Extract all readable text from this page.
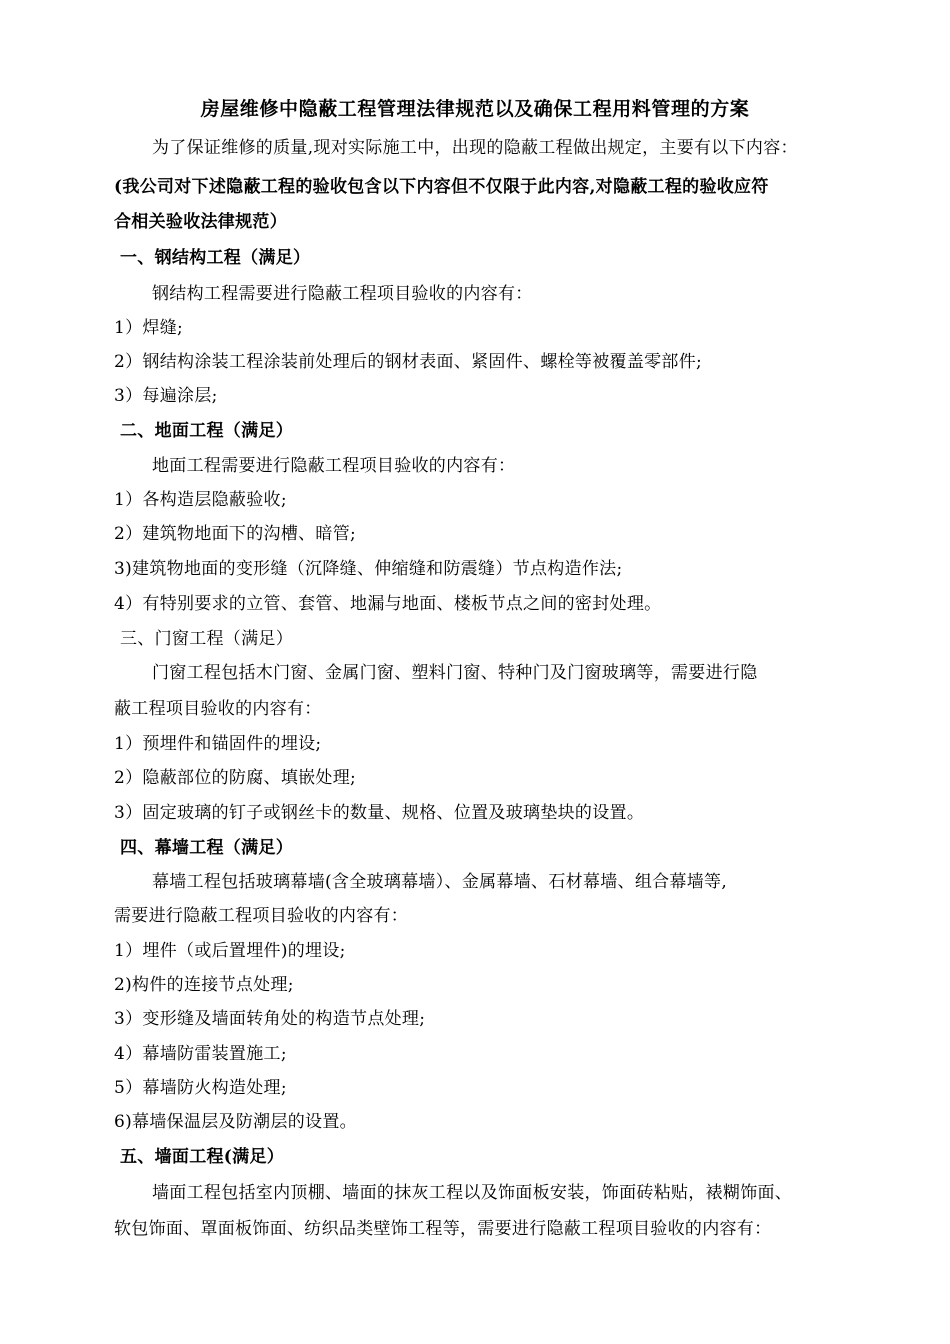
房屋维修中隐蔽工程管理法律规范以及确保工程用料管理的方案
为了保证维修的质量,现对实际施工中，出现的隐蔽工程做出规定，主要有以下内容：
(我公司对下述隐蔽工程的验收包含以下内容但不仅限于此内容,对隐蔽工程的验收应符
合相关验收法律规范）
一、钢结构工程（满足）
钢结构工程需要进行隐蔽工程项目验收的内容有：
1）焊缝;
2）钢结构涂装工程涂装前处理后的钢材表面、紧固件、螺栓等被覆盖零部件;
3）每遍涂层;
二、地面工程（满足）
地面工程需要进行隐蔽工程项目验收的内容有：
1）各构造层隐蔽验收;
2）建筑物地面下的沟槽、暗管;
3)建筑物地面的变形缝（沉降缝、伸缩缝和防震缝）节点构造作法;
4）有特别要求的立管、套管、地漏与地面、楼板节点之间的密封处理。
三、门窗工程（满足）
门窗工程包括木门窗、金属门窗、塑料门窗、特种门及门窗玻璃等，需要进行隐
蔽工程项目验收的内容有：
1）预埋件和锚固件的埋设;
2）隐蔽部位的防腐、填嵌处理;
3）固定玻璃的钉子或钢丝卡的数量、规格、位置及玻璃垫块的设置。
四、幕墙工程（满足）
幕墙工程包括玻璃幕墙(含全玻璃幕墙）、金属幕墙、石材幕墙、组合幕墙等,
需要进行隐蔽工程项目验收的内容有：
1）埋件（或后置埋件)的埋设;
2)构件的连接节点处理;
3）变形缝及墙面转角处的构造节点处理;
4）幕墙防雷装置施工;
5）幕墙防火构造处理;
6)幕墙保温层及防潮层的设置。
五、墙面工程(满足）
墙面工程包括室内顶棚、墙面的抹灰工程以及饰面板安装，饰面砖粘贴，裱糊饰面、
软包饰面、罩面板饰面、纺织品类壁饰工程等，需要进行隐蔽工程项目验收的内容有：
